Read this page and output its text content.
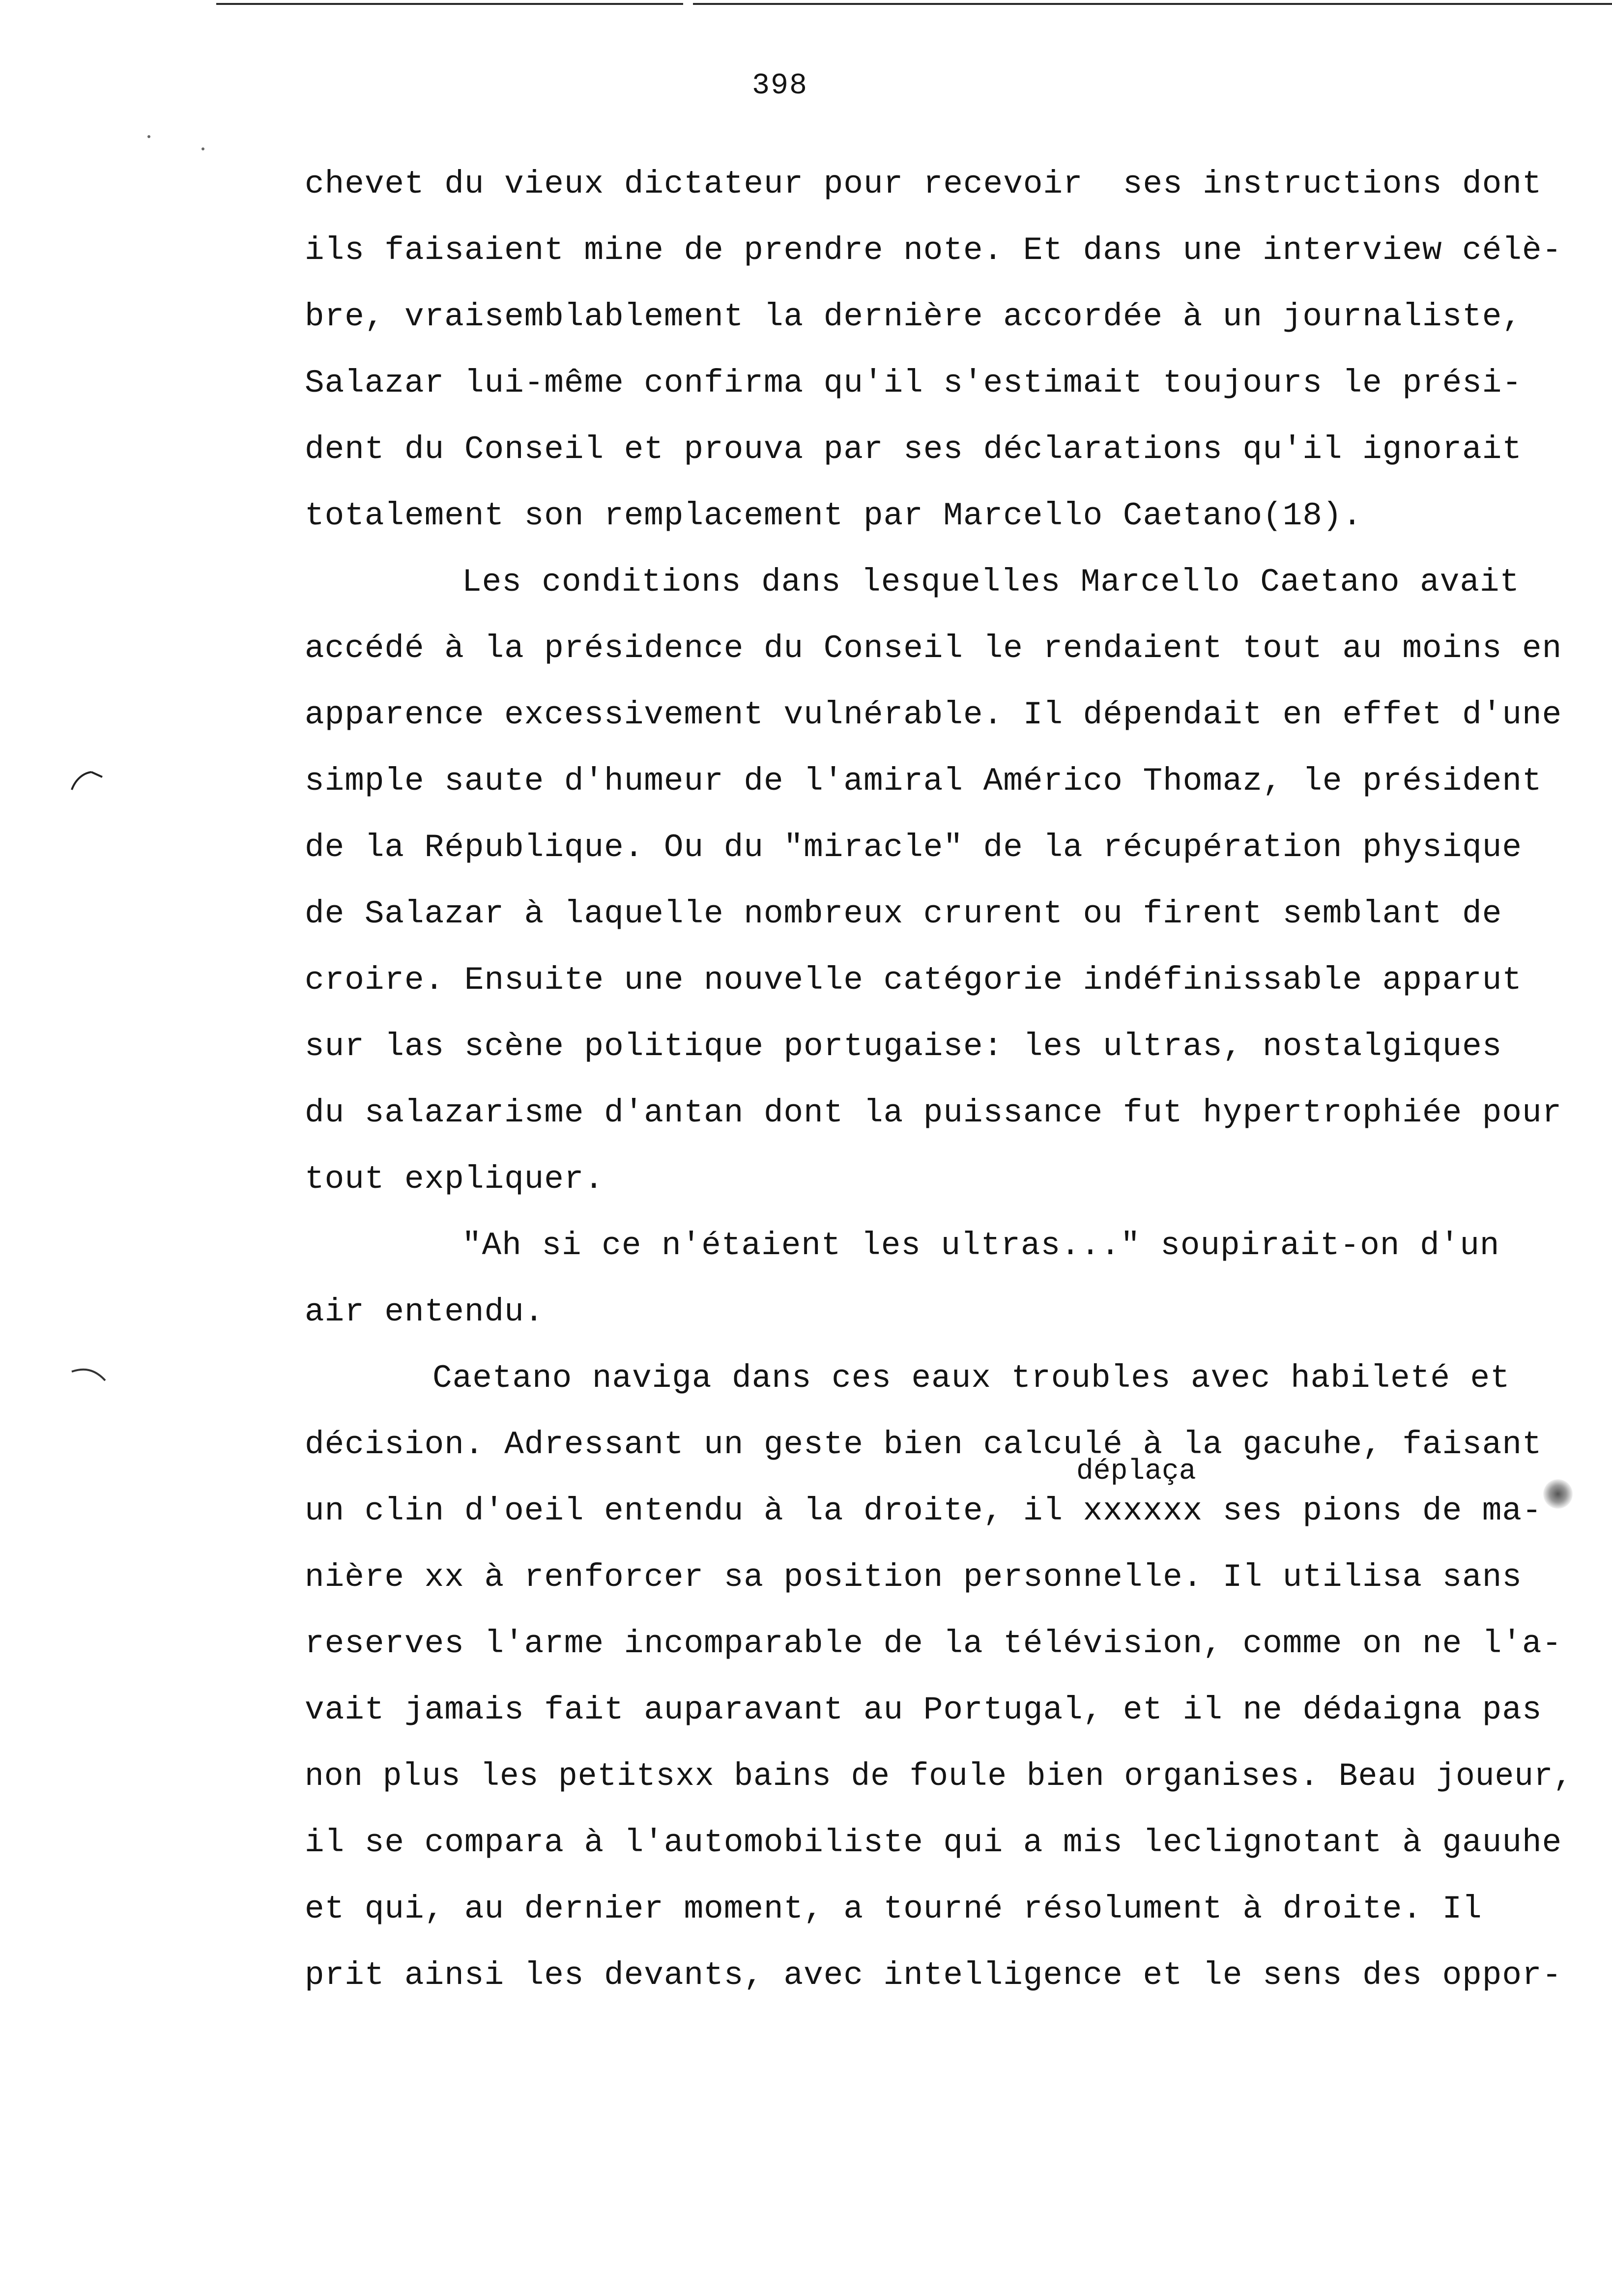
398
chevet du vieux dictateur pour recevoir  ses instructions dont
ils faisaient mine de prendre note. Et dans une interview célè-
bre, vraisemblablement la dernière accordée à un journaliste,
Salazar lui-même confirma qu'il s'estimait toujours le prési-
dent du Conseil et prouva par ses déclarations qu'il ignorait
totalement son remplacement par Marcello Caetano(18).
Les conditions dans lesquelles Marcello Caetano avait
accédé à la présidence du Conseil le rendaient tout au moins en
apparence excessivement vulnérable. Il dépendait en effet d'une
simple saute d'humeur de l'amiral Américo Thomaz, le président
de la République. Ou du "miracle" de la récupération physique
de Salazar à laquelle nombreux crurent ou firent semblant de
croire. Ensuite une nouvelle catégorie indéfinissable apparut
sur las scène politique portugaise: les ultras, nostalgiques
du salazarisme d'antan dont la puissance fut hypertrophiée pour
tout expliquer.
"Ah si ce n'étaient les ultras..." soupirait-on d'un
air entendu.
Caetano naviga dans ces eaux troubles avec habileté et
décision. Adressant un geste bien calculé à la gacuhe, faisant
déplaça
un clin d'oeil entendu à la droite, il xxxxxx ses pions de ma-
nière xx à renforcer sa position personnelle. Il utilisa sans
reserves l'arme incomparable de la télévision, comme on ne l'a-
vait jamais fait auparavant au Portugal, et il ne dédaigna pas
non plus les petitsxx bains de foule bien organises. Beau joueur,
il se compara à l'automobiliste qui a mis leclignotant à gauuhe
et qui, au dernier moment, a tourné résolument à droite. Il
prit ainsi les devants, avec intelligence et le sens des oppor-
